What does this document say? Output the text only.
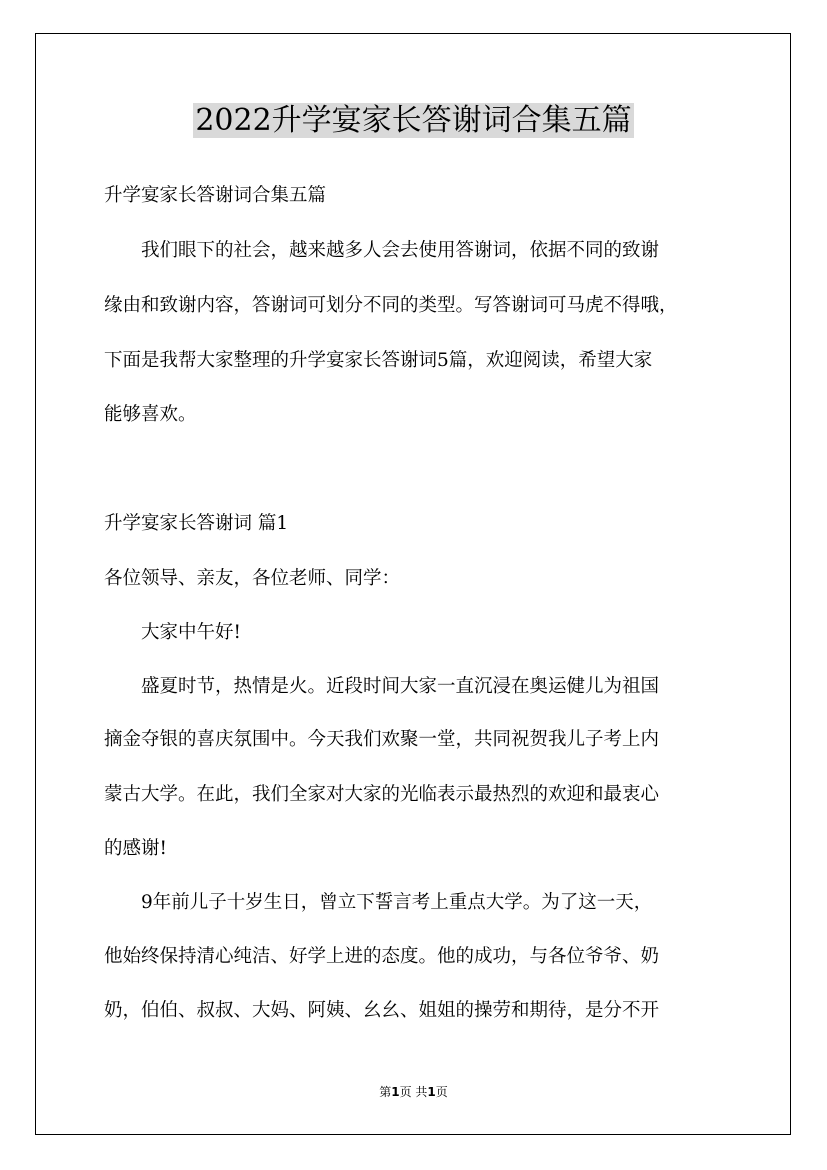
2022升学宴家长答谢词合集五篇
升学宴家长答谢词合集五篇
我们眼下的社会，越来越多人会去使用答谢词，依据不同的致谢
缘由和致谢内容，答谢词可划分不同的类型。写答谢词可马虎不得哦，
下面是我帮大家整理的升学宴家长答谢词5篇，欢迎阅读，希望大家
能够喜欢。
升学宴家长答谢词 篇1
各位领导、亲友，各位老师、同学：
大家中午好!
盛夏时节，热情是火。近段时间大家一直沉浸在奥运健儿为祖国
摘金夺银的喜庆氛围中。今天我们欢聚一堂，共同祝贺我儿子考上内
蒙古大学。在此，我们全家对大家的光临表示最热烈的欢迎和最衷心
的感谢!
9年前儿子十岁生日，曾立下誓言考上重点大学。为了这一天，
他始终保持清心纯洁、好学上进的态度。他的成功，与各位爷爷、奶
奶，伯伯、叔叔、大妈、阿姨、幺幺、姐姐的操劳和期待，是分不开
第1页 共1页
